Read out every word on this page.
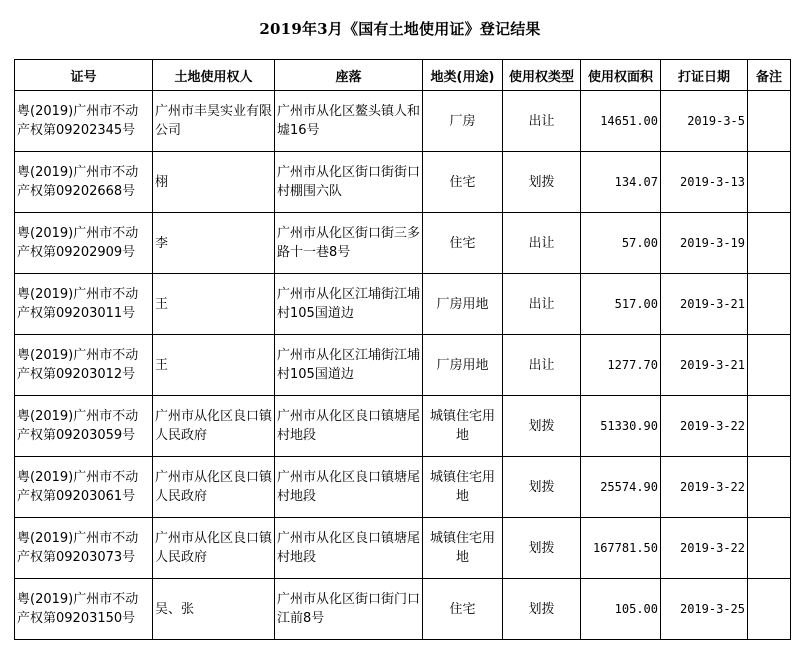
2019年3月《国有土地使用证》登记结果
证号	土地使用权人	座落	地类(用途)	使用权类型	使用权面积	打证日期	备注
粤(2019)广州市不动产权第09202345号	广州市丰昊实业有限公司	广州市从化区鳌头镇人和墟16号	厂房	出让	14651.00	2019-3-5	
粤(2019)广州市不动产权第09202668号	栩	广州市从化区街口街街口村棚围六队	住宅	划拨	134.07	2019-3-13	
粤(2019)广州市不动产权第09202909号	李	广州市从化区街口街三多路十一巷8号	住宅	出让	57.00	2019-3-19	
粤(2019)广州市不动产权第09203011号	王	广州市从化区江埔街江埔村105国道边	厂房用地	出让	517.00	2019-3-21	
粤(2019)广州市不动产权第09203012号	王	广州市从化区江埔街江埔村105国道边	厂房用地	出让	1277.70	2019-3-21	
粤(2019)广州市不动产权第09203059号	广州市从化区良口镇人民政府	广州市从化区良口镇塘尾村地段	城镇住宅用地	划拨	51330.90	2019-3-22	
粤(2019)广州市不动产权第09203061号	广州市从化区良口镇人民政府	广州市从化区良口镇塘尾村地段	城镇住宅用地	划拨	25574.90	2019-3-22	
粤(2019)广州市不动产权第09203073号	广州市从化区良口镇人民政府	广州市从化区良口镇塘尾村地段	城镇住宅用地	划拨	167781.50	2019-3-22	
粤(2019)广州市不动产权第09203150号	吴、张	广州市从化区街口街门口江前8号	住宅	划拨	105.00	2019-3-25	
